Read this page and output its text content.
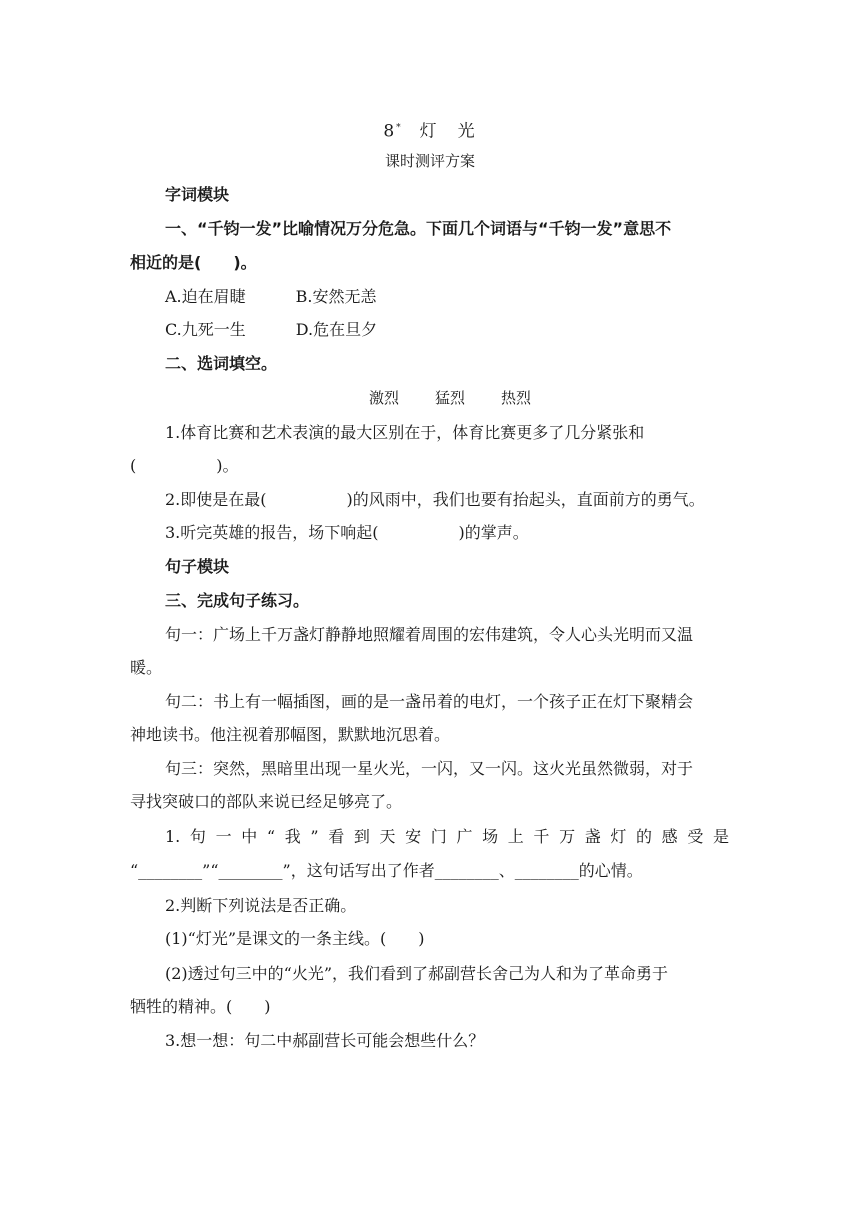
8*　 灯　光
课时测评方案
字词模块
一、“千钧一发”比喻情况万分危急。下面几个词语与“千钧一发”意思不
相近的是(　　)。
A.迫在眉睫	B.安然无恙
C.九死一生	D.危在旦夕
二、选词填空。
激烈 猛烈 热烈
1.体育比赛和艺术表演的最大区别在于，体育比赛更多了几分紧张和
(　　　　　)。
2.即使是在最(　　　　　)的风雨中，我们也要有抬起头，直面前方的勇气。
3.听完英雄的报告，场下响起(　　　　　)的掌声。
句子模块
三、完成句子练习。
句一：广场上千万盏灯静静地照耀着周围的宏伟建筑，令人心头光明而又温
暖。
句二：书上有一幅插图，画的是一盏吊着的电灯，一个孩子正在灯下聚精会
神地读书。他注视着那幅图，默默地沉思着。
句三：突然，黑暗里出现一星火光，一闪，又一闪。这火光虽然微弱，对于
寻找突破口的部队来说已经足够亮了。
1.句一中“我”看到天安门广场上千万盏灯的感受是
“________”“________”，这句话写出了作者________、________的心情。
2.判断下列说法是否正确。
(1)“灯光”是课文的一条主线。(　　)
(2)透过句三中的“火光”，我们看到了郝副营长舍己为人和为了革命勇于
牺牲的精神。(　　)
3.想一想：句二中郝副营长可能会想些什么？
